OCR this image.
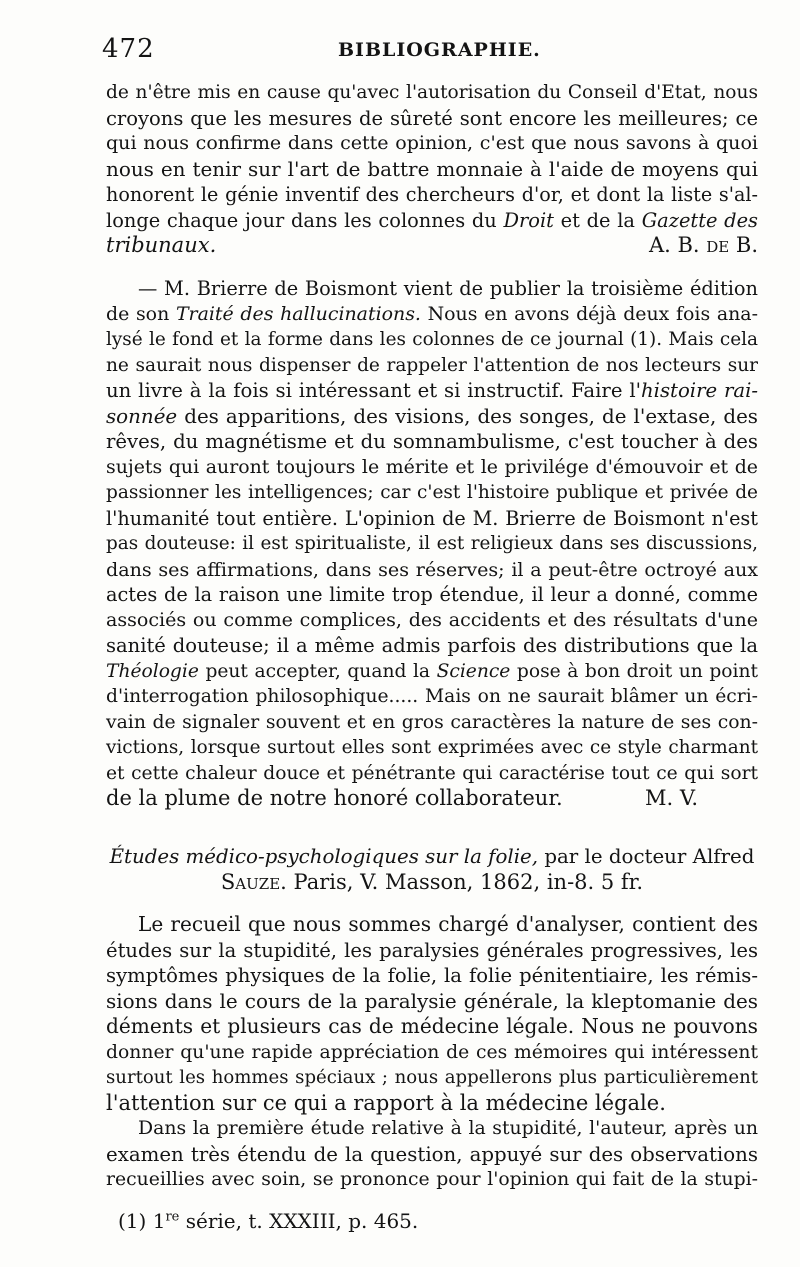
472	BIBLIOGRAPHIE.
de n'être mis en cause qu'avec l'autorisation du Conseil d'Etat, nous
croyons que les mesures de sûreté sont encore les meilleures; ce
qui nous confirme dans cette opinion, c'est que nous savons à quoi
nous en tenir sur l'art de battre monnaie à l'aide de moyens qui
honorent le génie inventif des chercheurs d'or, et dont la liste s'al-
longe chaque jour dans les colonnes du Droit et de la Gazette des
tribunaux.	A. B. de B.
— M. Brierre de Boismont vient de publier la troisième édition
de son Traité des hallucinations. Nous en avons déjà deux fois ana-
lysé le fond et la forme dans les colonnes de ce journal (1). Mais cela
ne saurait nous dispenser de rappeler l'attention de nos lecteurs sur
un livre à la fois si intéressant et si instructif. Faire l'histoire rai-
sonnée des apparitions, des visions, des songes, de l'extase, des
rêves, du magnétisme et du somnambulisme, c'est toucher à des
sujets qui auront toujours le mérite et le privilége d'émouvoir et de
passionner les intelligences; car c'est l'histoire publique et privée de
l'humanité tout entière. L'opinion de M. Brierre de Boismont n'est
pas douteuse: il est spiritualiste, il est religieux dans ses discussions,
dans ses affirmations, dans ses réserves; il a peut-être octroyé aux
actes de la raison une limite trop étendue, il leur a donné, comme
associés ou comme complices, des accidents et des résultats d'une
sanité douteuse; il a même admis parfois des distributions que la
Théologie peut accepter, quand la Science pose à bon droit un point
d'interrogation philosophique..... Mais on ne saurait blâmer un écri-
vain de signaler souvent et en gros caractères la nature de ses con-
victions, lorsque surtout elles sont exprimées avec ce style charmant
et cette chaleur douce et pénétrante qui caractérise tout ce qui sort
de la plume de notre honoré collaborateur.	M. V.
Études médico-psychologiques sur la folie, par le docteur Alfred
Sauze. Paris, V. Masson, 1862, in-8. 5 fr.
Le recueil que nous sommes chargé d'analyser, contient des
études sur la stupidité, les paralysies générales progressives, les
symptômes physiques de la folie, la folie pénitentiaire, les rémis-
sions dans le cours de la paralysie générale, la kleptomanie des
déments et plusieurs cas de médecine légale. Nous ne pouvons
donner qu'une rapide appréciation de ces mémoires qui intéressent
surtout les hommes spéciaux ; nous appellerons plus particulièrement
l'attention sur ce qui a rapport à la médecine légale.
Dans la première étude relative à la stupidité, l'auteur, après un
examen très étendu de la question, appuyé sur des observations
recueillies avec soin, se prononce pour l'opinion qui fait de la stupi-
(1) 1re série, t. XXXIII, p. 465.
